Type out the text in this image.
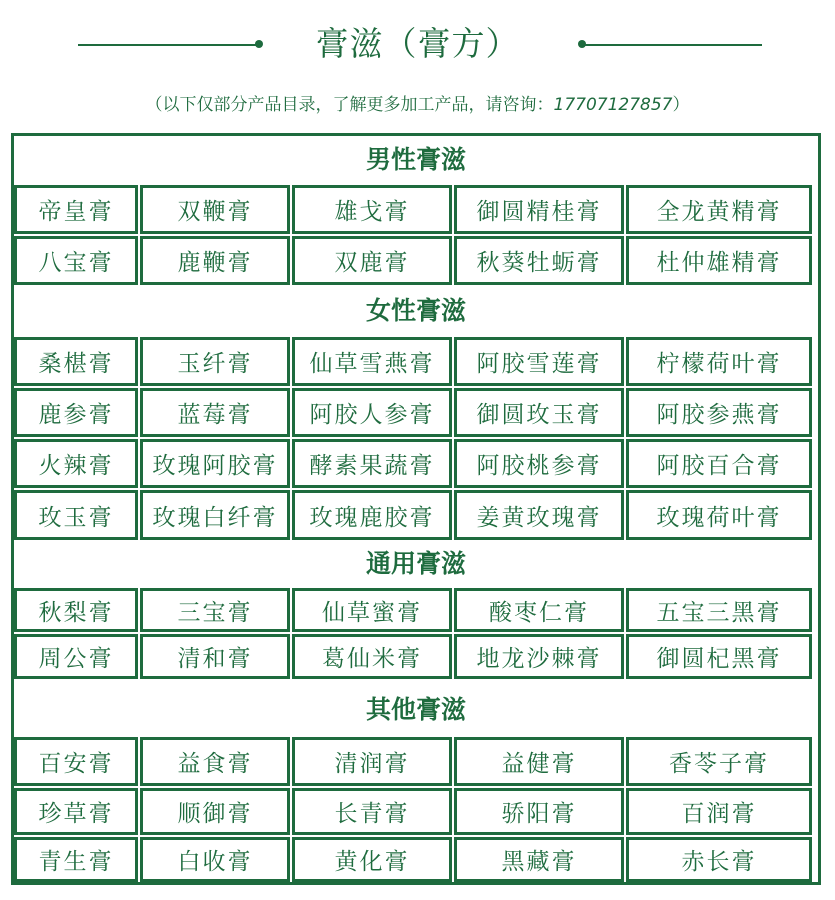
膏滋（膏方）
（以下仅部分产品目录，了解更多加工产品，请咨询：17707127857）
男性膏滋
帝皇膏	双鞭膏	雄戈膏	御圆精桂膏	全龙黄精膏
八宝膏	鹿鞭膏	双鹿膏	秋葵牡蛎膏	杜仲雄精膏
女性膏滋
桑椹膏	玉纤膏	仙草雪燕膏	阿胶雪莲膏	柠檬荷叶膏
鹿参膏	蓝莓膏	阿胶人参膏	御圆玫玉膏	阿胶参燕膏
火辣膏	玫瑰阿胶膏	酵素果蔬膏	阿胶桃参膏	阿胶百合膏
玫玉膏	玫瑰白纤膏	玫瑰鹿胶膏	姜黄玫瑰膏	玫瑰荷叶膏
通用膏滋
秋梨膏	三宝膏	仙草蜜膏	酸枣仁膏	五宝三黑膏
周公膏	清和膏	葛仙米膏	地龙沙棘膏	御圆杞黑膏
其他膏滋
百安膏	益食膏	清润膏	益健膏	香苓子膏
珍草膏	顺御膏	长青膏	骄阳膏	百润膏
青生膏	白收膏	黄化膏	黑藏膏	赤长膏
